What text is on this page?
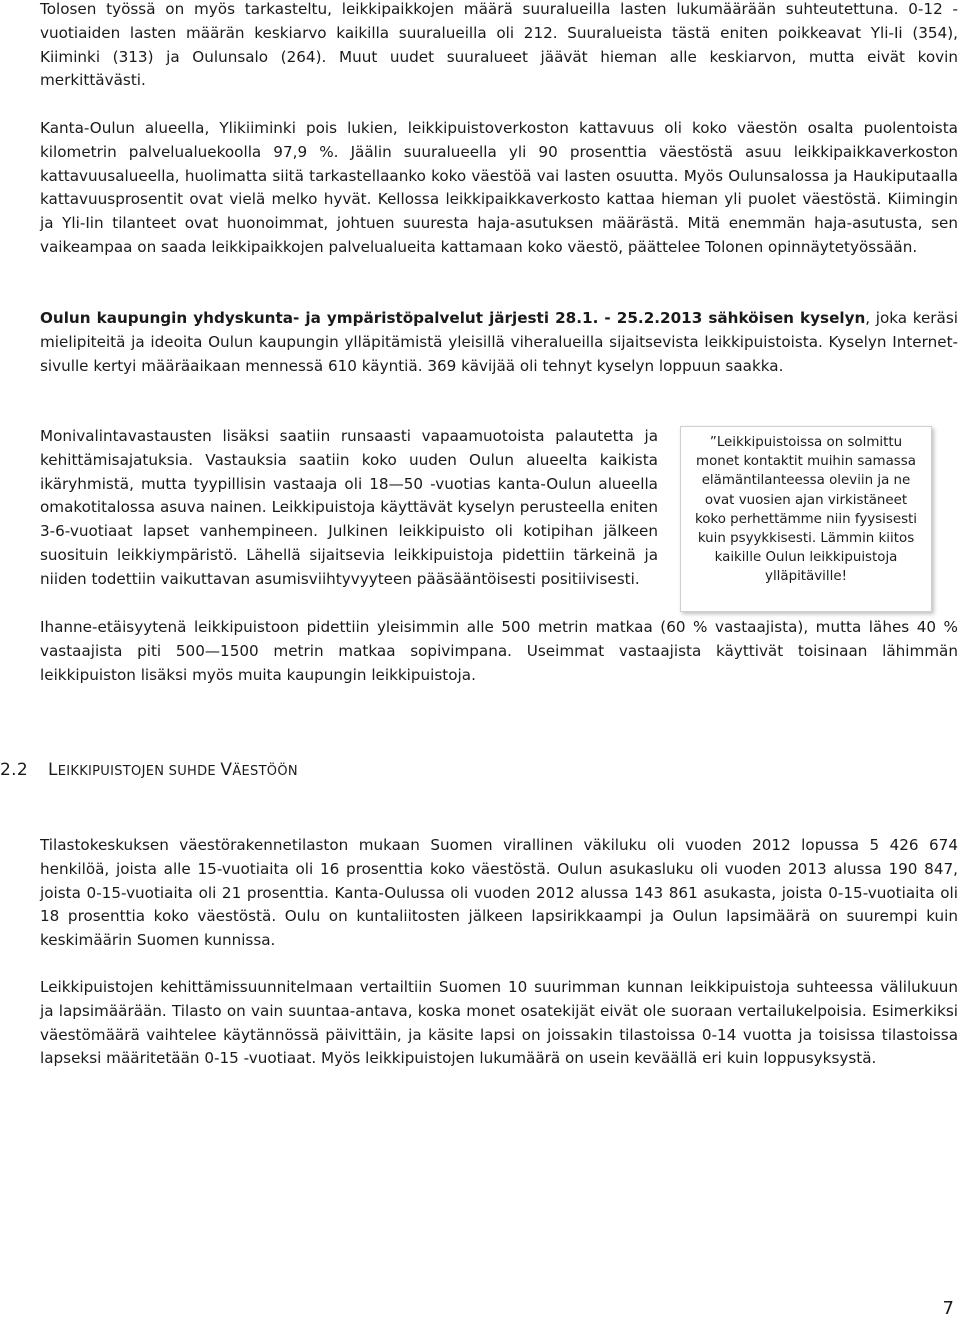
Tolosen työssä on myös tarkasteltu, leikkipaikkojen määrä suuralueilla lasten lukumäärään suhteutettuna. 0-12 -vuotiaiden lasten määrän keskiarvo kaikilla suuralueilla oli 212. Suuralueista tästä eniten poikkeavat Yli-Ii (354), Kiiminki (313) ja Oulunsalo (264). Muut uudet suuralueet jäävät hieman alle keskiarvon, mutta eivät kovin merkittävästi.

Kanta-Oulun alueella, Ylikiiminki pois lukien, leikkipuistoverkoston kattavuus oli koko väestön osalta puolentoista kilometrin palvelualuekoolla 97,9 %. Jäälin suuralueella yli 90 prosenttia väestöstä asuu leikkipaikkaverkoston kattavuusalueella, huolimatta siitä tarkastellaanko koko väestöä vai lasten osuutta. Myös Oulunsalossa ja Haukiputaalla kattavuusprosentit ovat vielä melko hyvät. Kellossa leikkipaikkaverkosto kattaa hieman yli puolet väestöstä. Kiimingin ja Yli-Iin tilanteet ovat huonoimmat, johtuen suuresta haja-asutuksen määrästä. Mitä enemmän haja-asutusta, sen vaikeampaa on saada leikkipaikkojen palvelualueita kattamaan koko väestö, päättelee Tolonen opinnäytetyössään.

Oulun kaupungin yhdyskunta- ja ympäristöpalvelut järjesti 28.1. - 25.2.2013 sähköisen kyselyn, joka keräsi mielipiteitä ja ideoita Oulun kaupungin ylläpitämistä yleisillä viheralueilla sijaitsevista leikkipuistoista. Kyselyn Internet-sivulle kertyi määräaikaan mennessä 610 käyntiä. 369 kävijää oli tehnyt kyselyn loppuun saakka.

Monivalintavastausten lisäksi saatiin runsaasti vapaamuotoista palautetta ja kehittämisajatuksia. Vastauksia saatiin koko uuden Oulun alueelta kaikista ikäryhmistä, mutta tyypillisin vastaaja oli 18—50 -vuotias kanta-Oulun alueella omakotitalossa asuva nainen. Leikkipuistoja käyttävät kyselyn perusteella eniten 3-6-vuotiaat lapset vanhempineen. Julkinen leikkipuisto oli kotipihan jälkeen suosituin leikkiympäristö. Lähellä sijaitsevia leikkipuistoja pidettiin tärkeinä ja niiden todettiin vaikuttavan asumisviihtyvyyteen pääsääntöisesti positiivisesti.

”Leikkipuistoissa on solmittu monet kontaktit muihin samassa elämäntilanteessa oleviin ja ne ovat vuosien ajan virkistäneet koko perhettämme niin fyysisesti kuin psyykkisesti. Lämmin kiitos kaikille Oulun leikkipuistoja ylläpitäville!

Ihanne-etäisyytenä leikkipuistoon pidettiin yleisimmin alle 500 metrin matkaa (60 % vastaajista), mutta lähes 40 % vastaajista piti 500—1500 metrin matkaa sopivimpana. Useimmat vastaajista käyttivät toisinaan lähimmän leikkipuiston lisäksi myös muita kaupungin leikkipuistoja.

2.2 LEIKKIPUISTOJEN SUHDE VÄESTÖÖN

Tilastokeskuksen väestörakennetilaston mukaan Suomen virallinen väkiluku oli vuoden 2012 lopussa 5 426 674 henkilöä, joista alle 15-vuotiaita oli 16 prosenttia koko väestöstä. Oulun asukasluku oli vuoden 2013 alussa 190 847, joista 0-15-vuotiaita oli 21 prosenttia. Kanta-Oulussa oli vuoden 2012 alussa 143 861 asukasta, joista 0-15-vuotiaita oli 18 prosenttia koko väestöstä. Oulu on kuntaliitosten jälkeen lapsirikkaampi ja Oulun lapsimäärä on suurempi kuin keskimäärin Suomen kunnissa.

Leikkipuistojen kehittämissuunnitelmaan vertailtiin Suomen 10 suurimman kunnan leikkipuistoja suhteessa välilukuun ja lapsimäärään. Tilasto on vain suuntaa-antava, koska monet osatekijät eivät ole suoraan vertailukelpoisia. Esimerkiksi väestömäärä vaihtelee käytännössä päivittäin, ja käsite lapsi on joissakin tilastoissa 0-14 vuotta ja toisissa tilastoissa lapseksi määritetään 0-15 -vuotiaat. Myös leikkipuistojen lukumäärä on usein keväällä eri kuin loppusyksystä.

7
